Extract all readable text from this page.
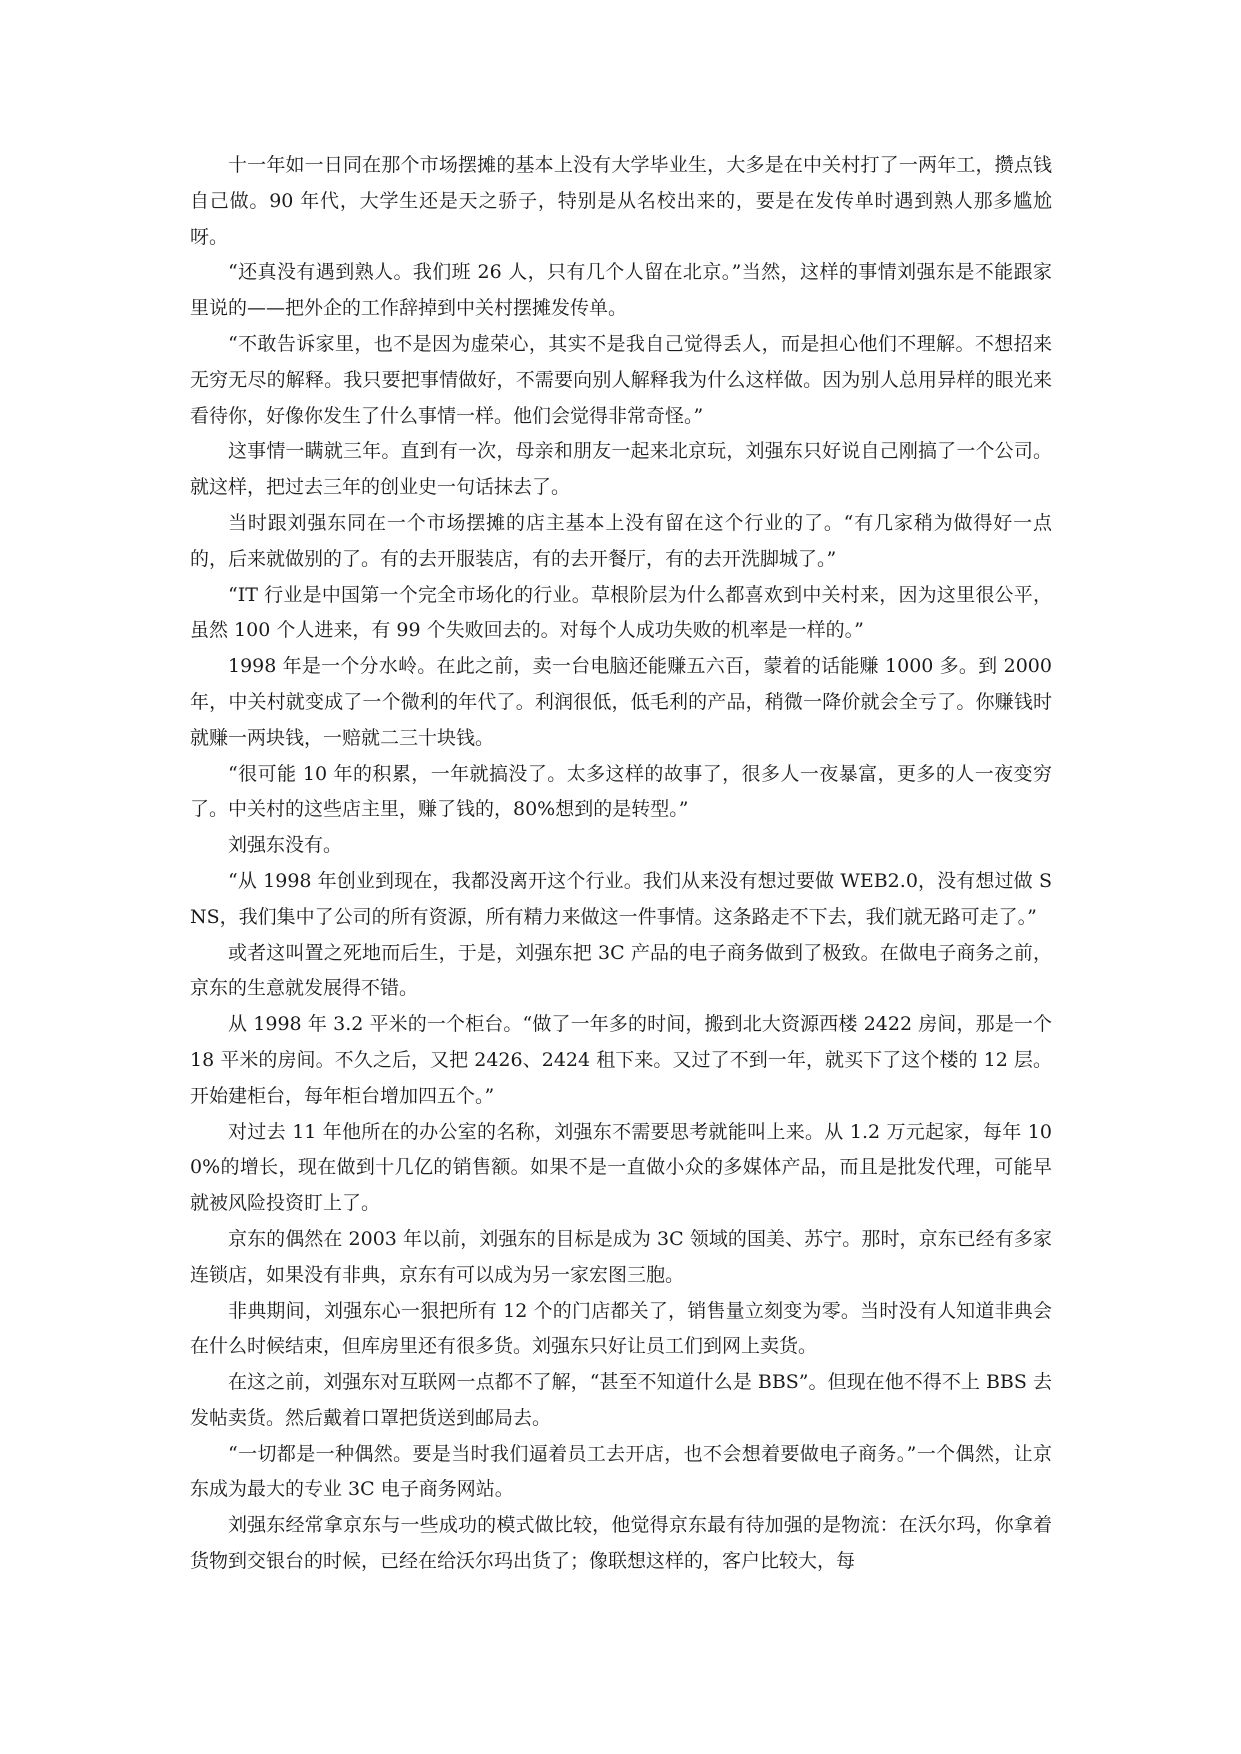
十一年如一日同在那个市场摆摊的基本上没有大学毕业生，大多是在中关村打了一两年工，攒点钱自己做。90 年代，大学生还是天之骄子，特别是从名校出来的，要是在发传单时遇到熟人那多尴尬呀。

“还真没有遇到熟人。我们班 26 人，只有几个人留在北京。”当然，这样的事情刘强东是不能跟家里说的——把外企的工作辞掉到中关村摆摊发传单。

“不敢告诉家里，也不是因为虚荣心，其实不是我自己觉得丢人，而是担心他们不理解。不想招来无穷无尽的解释。我只要把事情做好，不需要向别人解释我为什么这样做。因为别人总用异样的眼光来看待你，好像你发生了什么事情一样。他们会觉得非常奇怪。”

这事情一瞒就三年。直到有一次，母亲和朋友一起来北京玩，刘强东只好说自己刚搞了一个公司。就这样，把过去三年的创业史一句话抹去了。

当时跟刘强东同在一个市场摆摊的店主基本上没有留在这个行业的了。“有几家稍为做得好一点的，后来就做别的了。有的去开服装店，有的去开餐厅，有的去开洗脚城了。”

“IT 行业是中国第一个完全市场化的行业。草根阶层为什么都喜欢到中关村来，因为这里很公平，虽然 100 个人进来，有 99 个失败回去的。对每个人成功失败的机率是一样的。”

1998 年是一个分水岭。在此之前，卖一台电脑还能赚五六百，蒙着的话能赚 1000 多。到 2000 年，中关村就变成了一个微利的年代了。利润很低，低毛利的产品，稍微一降价就会全亏了。你赚钱时就赚一两块钱，一赔就二三十块钱。

“很可能 10 年的积累，一年就搞没了。太多这样的故事了，很多人一夜暴富，更多的人一夜变穷了。中关村的这些店主里，赚了钱的，80%想到的是转型。”

刘强东没有。

“从 1998 年创业到现在，我都没离开这个行业。我们从来没有想过要做 WEB2.0，没有想过做 SNS，我们集中了公司的所有资源，所有精力来做这一件事情。这条路走不下去，我们就无路可走了。”

或者这叫置之死地而后生，于是，刘强东把 3C 产品的电子商务做到了极致。在做电子商务之前，京东的生意就发展得不错。

从 1998 年 3.2 平米的一个柜台。“做了一年多的时间，搬到北大资源西楼 2422 房间，那是一个 18 平米的房间。不久之后，又把 2426、2424 租下来。又过了不到一年，就买下了这个楼的 12 层。开始建柜台，每年柜台增加四五个。”

对过去 11 年他所在的办公室的名称，刘强东不需要思考就能叫上来。从 1.2 万元起家，每年 100%的增长，现在做到十几亿的销售额。如果不是一直做小众的多媒体产品，而且是批发代理，可能早就被风险投资盯上了。

京东的偶然在 2003 年以前，刘强东的目标是成为 3C 领域的国美、苏宁。那时，京东已经有多家连锁店，如果没有非典，京东有可以成为另一家宏图三胞。

非典期间，刘强东心一狠把所有 12 个的门店都关了，销售量立刻变为零。当时没有人知道非典会在什么时候结束，但库房里还有很多货。刘强东只好让员工们到网上卖货。

在这之前，刘强东对互联网一点都不了解，“甚至不知道什么是 BBS”。但现在他不得不上 BBS 去发帖卖货。然后戴着口罩把货送到邮局去。

“一切都是一种偶然。要是当时我们逼着员工去开店，也不会想着要做电子商务。”一个偶然，让京东成为最大的专业 3C 电子商务网站。

刘强东经常拿京东与一些成功的模式做比较，他觉得京东最有待加强的是物流：在沃尔玛，你拿着货物到交银台的时候，已经在给沃尔玛出货了；像联想这样的，客户比较大，每
